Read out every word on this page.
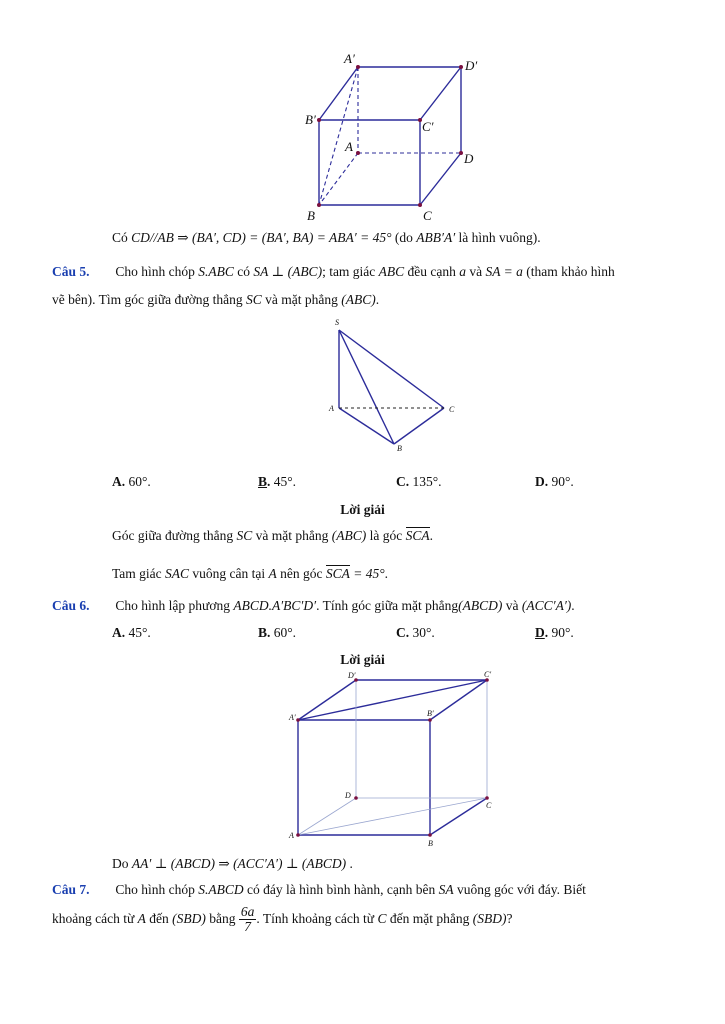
A′	D′
B′	C′
A
D
B	C
Có CD//AB ⇒ (BA′, CD) = (BA′, BA) = ABA′ = 45° (do ABB′A′ là hình vuông).
Câu 5. Cho hình chóp S.ABC có SA ⊥ (ABC); tam giác ABC đều cạnh a và SA = a (tham khảo hình
vẽ bên). Tìm góc giữa đường thẳng SC và mặt phẳng (ABC).
S
A	C
B
A. 60°.	B. 45°.	C. 135°.	D. 90°.
Lời giải
Góc giữa đường thẳng SC và mặt phẳng (ABC) là góc SCA.
Tam giác SAC vuông cân tại A nên góc SCA = 45°.
Câu 6. Cho hình lập phương ABCD.A′BC′D′. Tính góc giữa mặt phẳng(ABCD) và (ACC′A′).
A. 45°.	B. 60°.	C. 30°.	D. 90°.
Lời giải
D′	C′
A′	B′
D
C
A
B
Do AA′ ⊥ (ABCD) ⇒ (ACC′A′) ⊥ (ABCD) .
Câu 7. Cho hình chóp S.ABCD có đáy là hình bình hành, cạnh bên SA vuông góc với đáy. Biết
khoảng cách từ A đến (SBD) bằng $\frac{6a}{7}$ . Tính khoảng cách từ C đến mặt phẳng (SBD)?
